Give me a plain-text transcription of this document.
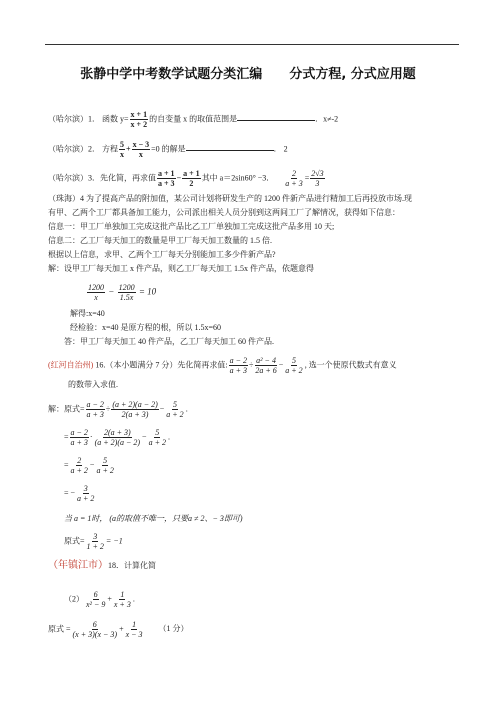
张静中学中考数学试题分类汇编      分式方程, 分式应用题
（哈尔滨）1． 函数 $y= \frac{x + 1}{x + 2}$ 的自变量 x 的取值范围是	．x≠-2
（哈尔滨）2． 方程 $\frac{5}{x} + \frac{x - 3}{x} =0$ 的解是	． 2
（哈尔滨）3．先化简，再求值 $\frac{a + 1}{a + 3} - \frac{a + 1}{2}$ 其中 a＝2sin60° −3． $\frac{2}{a + 3} = \frac{2√3}{3}$
（珠海）4 为了提高产品的附加值，某公司计划将研发生产的 1200 件新产品进行精加工后再投放市场.现
有甲、乙两个工厂都具备加工能力，公司派出相关人员分别到这两间工厂了解情况，获得如下信息：
信息一：甲工厂单独加工完成这批产品比乙工厂单独加工完成这批产品多用 10 天;
信息二：乙工厂每天加工的数量是甲工厂每天加工数量的 1.5 倍.
根据以上信息，求甲、乙两个工厂每天分别能加工多少件新产品?
解：设甲工厂每天加工 x 件产品，则乙工厂每天加工 1.5x 件产品，依题意得
$\frac{1200}{x} - \frac{1200}{1.5x} = 10$
解得:x=40
经检验：x=40 是原方程的根，所以 1.5x=60
答：甲工厂每天加工 40 件产品，乙工厂每天加工 60 件产品.
(红河自治州) 16.（本小题满分 7 分）先化简再求值: $\frac{a - 2}{a + 3} \div \frac{\text{a² − 4}}{2a + 6} - \frac{5}{a + 2}$ , 选一个使原代数式有意义
的数带入求值.
解：原式= $\frac{a - 2}{a + 3} \div \frac{(a + 2)(a - 2)}{2(a + 3)} - \frac{5}{a + 2}$ .
= $\frac{a - 2}{a + 3} \cdot \frac{2(a + 3)}{(a + 2)(a - 2)} - \frac{5}{a + 2}$ .
= $\frac{2}{a + 2} - \frac{5}{a + 2}$
= − $\frac{3}{a + 2}$
当 a = 1时， (a的取值不唯一，只要a ≠ 2、− 3即可)
原式= $\frac{3}{1 + 2} = -1$
（年镇江市）18．计算化简
$(2) \frac{6}{\text{x² − 9}} + \frac{1}{x + 3}$ .
原式 = $\frac{6}{(x + 3)(x - 3)} + \frac{1}{x - 3} (1$ 分）
